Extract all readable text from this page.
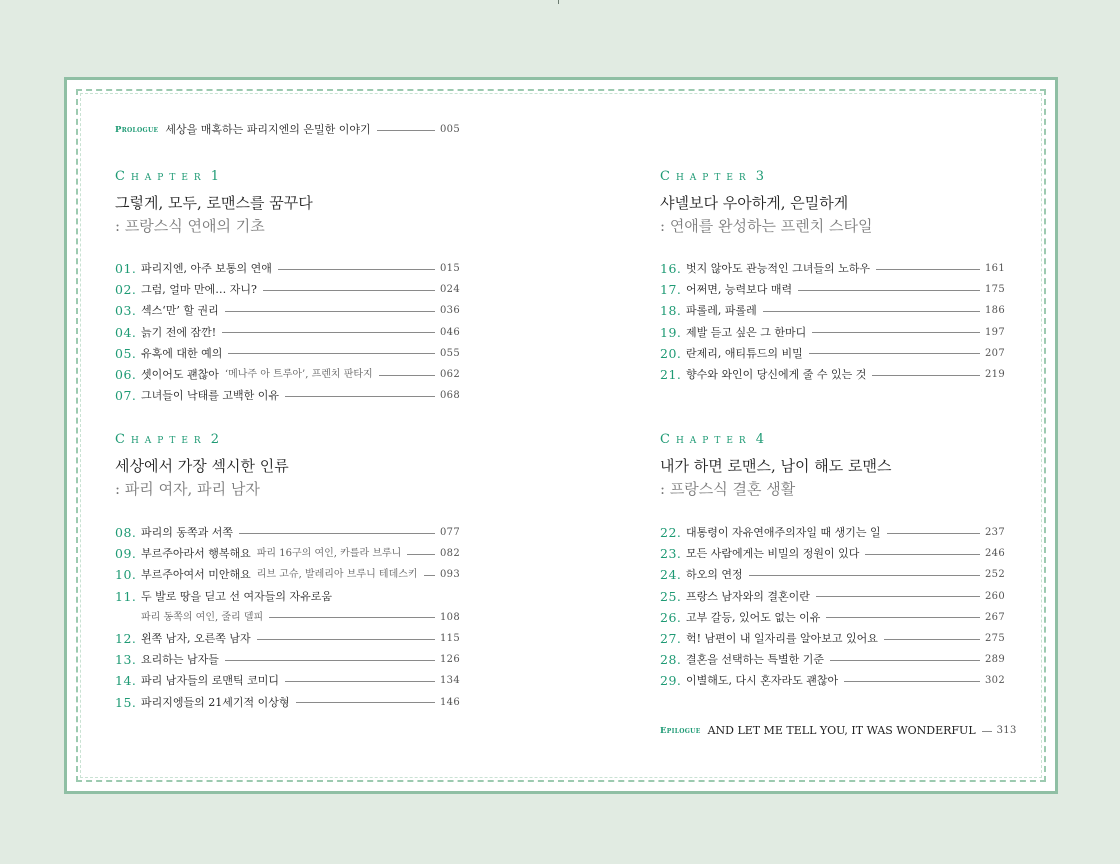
Prologue 세상을 매혹하는 파리지엔의 은밀한 이야기	005
Chapter 1
그렇게, 모두, 로맨스를 꿈꾸다
: 프랑스식 연애의 기초
01. 파리지엔, 아주 보통의 연애	015
02. 그럼, 얼마 만에… 자니?	024
03. 섹스‘만’ 할 권리	036
04. 늙기 전에 잠깐!	046
05. 유혹에 대한 예의	055
06. 셋이어도 괜찮아 ‘메나주 아 트루아’, 프렌치 판타지	062
07. 그녀들이 낙태를 고백한 이유	068
Chapter 2
세상에서 가장 섹시한 인류
: 파리 여자, 파리 남자
08. 파리의 동쪽과 서쪽	077
09. 부르주아라서 행복해요 파리 16구의 여인, 카를라 브루니	082
10. 부르주아여서 미안해요 리브 고슈, 발레리아 브루니 테데스키 093
11. 두 발로 땅을 딛고 선 여자들의 자유로움
파리 동쪽의 여인, 줄리 델피	108
12. 왼쪽 남자, 오른쪽 남자	115
13. 요리하는 남자들	126
14. 파리 남자들의 로맨틱 코미디	134
15. 파리지엥들의 21세기적 이상형	146
Chapter 3
샤넬보다 우아하게, 은밀하게
: 연애를 완성하는 프렌치 스타일
16. 벗지 않아도 관능적인 그녀들의 노하우	161
17. 어쩌면, 능력보다 매력	175
18. 파롤레, 파롤레	186
19. 제발 듣고 싶은 그 한마디	197
20. 란제리, 애티튜드의 비밀	207
21. 향수와 와인이 당신에게 줄 수 있는 것	219
Chapter 4
내가 하면 로맨스, 남이 해도 로맨스
: 프랑스식 결혼 생활
22. 대통령이 자유연애주의자일 때 생기는 일	237
23. 모든 사람에게는 비밀의 정원이 있다	246
24. 하오의 연정	252
25. 프랑스 남자와의 결혼이란	260
26. 고부 갈등, 있어도 없는 이유	267
27. 헉! 남편이 내 일자리를 알아보고 있어요	275
28. 결혼을 선택하는 특별한 기준	289
29. 이별해도, 다시 혼자라도 괜찮아	302
Epilogue AND LET ME TELL YOU, IT WAS WONDERFUL 313
